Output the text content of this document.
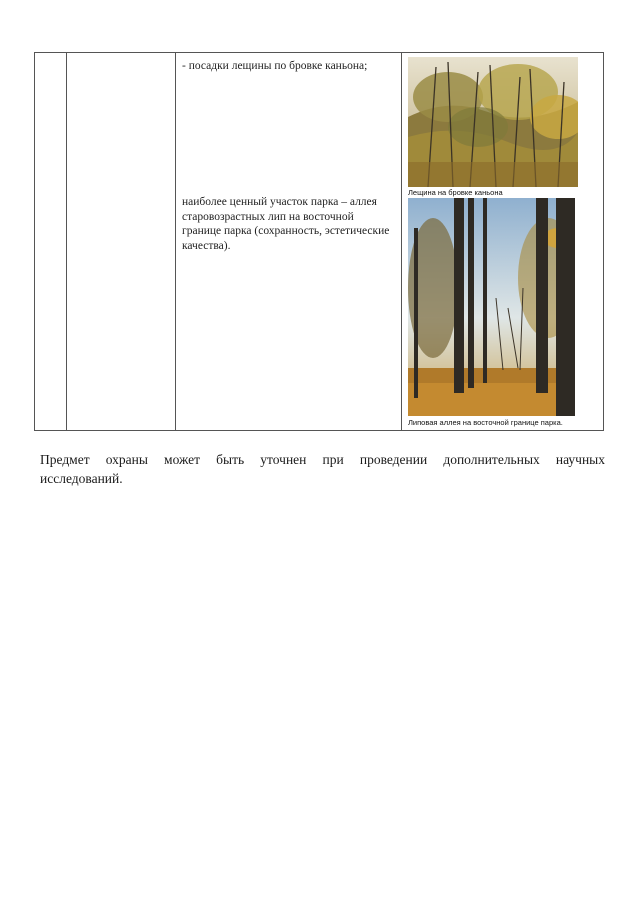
- посадки лещины по бровке каньона;
наиболее ценный участок парка – аллея старовозрастных лип на восточной границе парка (сохранность, эстетические качества).
Лещина на бровке каньона
Липовая аллея на восточной границе парка.
Предмет охраны может быть уточнен при проведении дополнительных научных
исследований.
